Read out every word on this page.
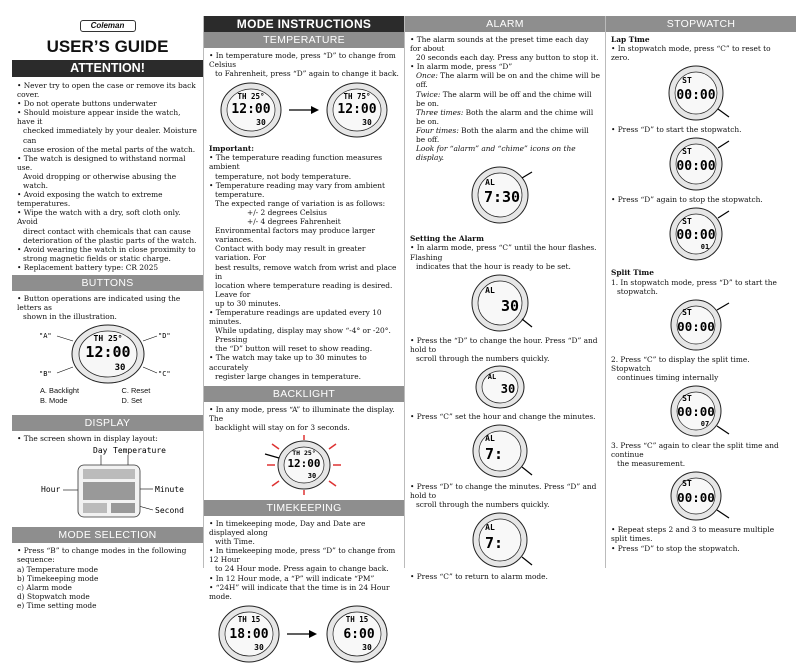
Coleman
USER’S GUIDE
ATTENTION!

• Never try to open the case or remove its back cover.

• Do not operate buttons underwater

• Should moisture appear inside the watch, have it

checked immediately by your dealer. Moisture can

cause erosion of the metal parts of the watch.

• The watch is designed to withstand normal use.

Avoid dropping or otherwise abusing the watch.

• Avoid exposing the watch to extreme temperatures.

• Wipe the watch with a dry, soft cloth only. Avoid

direct contact with chemicals that can cause

deterioration of the plastic parts of the watch.

• Avoid wearing the watch in close proximity to

strong magnetic fields or static charge.

• Replacement battery type: CR 2025

BUTTONS

• Button operations are indicated using the letters as

shown in the illustration.

"A"
"B"
"D"
"C"
TH 25°
12:00
30
A. Backlight	C. Reset
B. Mode	D. Set
DISPLAY
• The screen shown in display layout:
Day Temperature
Hour	Minute
Second
MODE SELECTION

• Press “B” to change modes in the following sequence:

a) Temperature mode

b) Timekeeping mode

c) Alarm mode

d) Stopwatch mode

e) Time setting mode

MODE INSTRUCTIONS
TEMPERATURE

• In temperature mode, press “D” to change from Celsius

to Fahrenheit, press “D” again to change it back.

TH 25°
12:00
30
TH 75°
12:00
30

Important:

• The temperature reading function measures ambient

temperature, not body temperature.

• Temperature reading may vary from ambient

temperature.

The expected range of variation is as follows:

+/- 2 degrees Celsius

+/- 4 degrees Fahrenheit

Environmental factors may produce larger variances.

Contact with body may result in greater variation. For

best results, remove watch from wrist and place in

location where temperature reading is desired. Leave for

up to 30 minutes.

• Temperature readings are updated every 10 minutes.

While updating, display may show “-4° or -20°. Pressing

the “D” button will reset to show reading.

• The watch may take up to 30 minutes to accurately

register large changes in temperature.

BACKLIGHT

• In any mode, press “A” to illuminate the display. The

backlight will stay on for 3 seconds.

TH 25°
12:00
30
TIMEKEEPING

• In timekeeping mode, Day and Date are displayed along

with Time.

• In timekeeping mode, press “D” to change from 12 Hour

to 24 Hour mode. Press again to change back.

• In 12 Hour mode, a “P” will indicate “PM”

• “24H” will indicate that the time is in 24 Hour mode.

TH 15
18:00
30
TH 15
6:00
30
ALARM

• The alarm sounds at the preset time each day for about

20 seconds each day. Press any button to stop it.

• In alarm mode, press “D”

Once: The alarm will be on and the chime will be off.

Twice: The alarm will be off and the chime will be on.

Three times: Both the alarm and the chime will be on.

Four times: Both the alarm and the chime will be off.

Look for “alarm” and “chime” icons on the display.

AL
7:30
Setting the Alarm

• In alarm mode, press “C” until the hour flashes. Flashing

indicates that the hour is ready to be set.

AL
30

• Press the “D” to change the hour. Press “D” and hold to

scroll through the numbers quickly.

30
AL
• Press “C” set the hour and change the minutes.
AL
7:

• Press “D” to change the minutes. Press “D” and hold to

scroll through the numbers quickly.

AL
7:
• Press “C” to return to alarm mode.
STOPWATCH
Lap Time
• In stopwatch mode, press “C” to reset to zero.
ST
00:00
• Press “D” to start the stopwatch.
ST
00:00
• Press “D” again to stop the stopwatch.
ST
00:00
01
Split Time

1. In stopwatch mode, press “D” to start the

stopwatch.

ST
00:00

2. Press “C” to display the split time. Stopwatch

continues timing internally

ST
00:00
07

3. Press “C” again to clear the split time and continue

the measurement.

ST
00:00

• Repeat steps 2 and 3 to measure multiple split times.

• Press “D” to stop the stopwatch.
